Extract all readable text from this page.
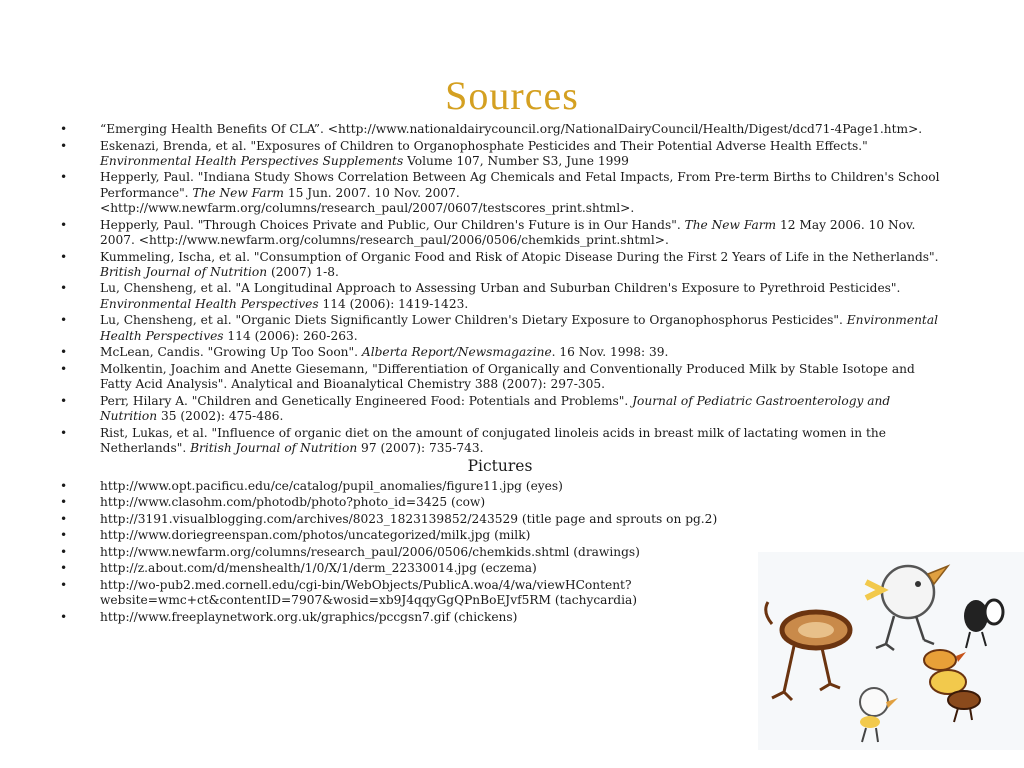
Sources
• “Emerging Health Benefits Of CLA”. <http://www.nationaldairycouncil.org/NationalDairyCouncil/Health/Digest/dcd71-4Page1.htm>.
• Eskenazi, Brenda, et al. "Exposures of Children to Organophosphate Pesticides and Their Potential Adverse Health Effects." Environmental Health Perspectives Supplements Volume 107, Number S3, June 1999
• Hepperly, Paul. "Indiana Study Shows Correlation Between Ag Chemicals and Fetal Impacts, From Pre-term Births to Children's School Performance". The New Farm 15 Jun. 2007. 10 Nov. 2007. <http://www.newfarm.org/columns/research_paul/2007/0607/testscores_print.shtml>.
• Hepperly, Paul. "Through Choices Private and Public, Our Children's Future is in Our Hands". The New Farm 12 May 2006. 10 Nov. 2007. <http://www.newfarm.org/columns/research_paul/2006/0506/chemkids_print.shtml>.
• Kummeling, Ischa, et al. "Consumption of Organic Food and Risk of Atopic Disease During the First 2 Years of Life in the Netherlands". British Journal of Nutrition (2007) 1-8.
• Lu, Chensheng, et al. "A Longitudinal Approach to Assessing Urban and Suburban Children's Exposure to Pyrethroid Pesticides". Environmental Health Perspectives 114 (2006): 1419-1423.
• Lu, Chensheng, et al. "Organic Diets Significantly Lower Children's Dietary Exposure to Organophosphorus Pesticides". Environmental Health Perspectives 114 (2006): 260-263.
• McLean, Candis. "Growing Up Too Soon". Alberta Report/Newsmagazine. 16 Nov. 1998: 39.
• Molkentin, Joachim and Anette Giesemann, "Differentiation of Organically and Conventionally Produced Milk by Stable Isotope and Fatty Acid Analysis". Analytical and Bioanalytical Chemistry 388 (2007): 297-305.
• Perr, Hilary A. "Children and Genetically Engineered Food: Potentials and Problems". Journal of Pediatric Gastroenterology and Nutrition 35 (2002): 475-486.
• Rist, Lukas, et al. "Influence of organic diet on the amount of conjugated linoleis acids in breast milk of lactating women in the Netherlands". British Journal of Nutrition 97 (2007): 735-743.
Pictures
• http://www.opt.pacificu.edu/ce/catalog/pupil_anomalies/figure11.jpg (eyes)
• http://www.clasohm.com/photodb/photo?photo_id=3425 (cow)
• http://3191.visualblogging.com/archives/8023_1823139852/243529 (title page and sprouts on pg.2)
• http://www.doriegreenspan.com/photos/uncategorized/milk.jpg (milk)
• http://www.newfarm.org/columns/research_paul/2006/0506/chemkids.shtml (drawings)
• http://z.about.com/d/menshealth/1/0/X/1/derm_22330014.jpg (eczema)
• http://wo-pub2.med.cornell.edu/cgi-bin/WebObjects/PublicA.woa/4/wa/viewHContent?website=wmc+ct&contentID=7907&wosid=xb9J4qqyGgQPnBoEJvf5RM (tachycardia)
• http://www.freeplaynetwork.org.uk/graphics/pccgsn7.gif (chickens)
